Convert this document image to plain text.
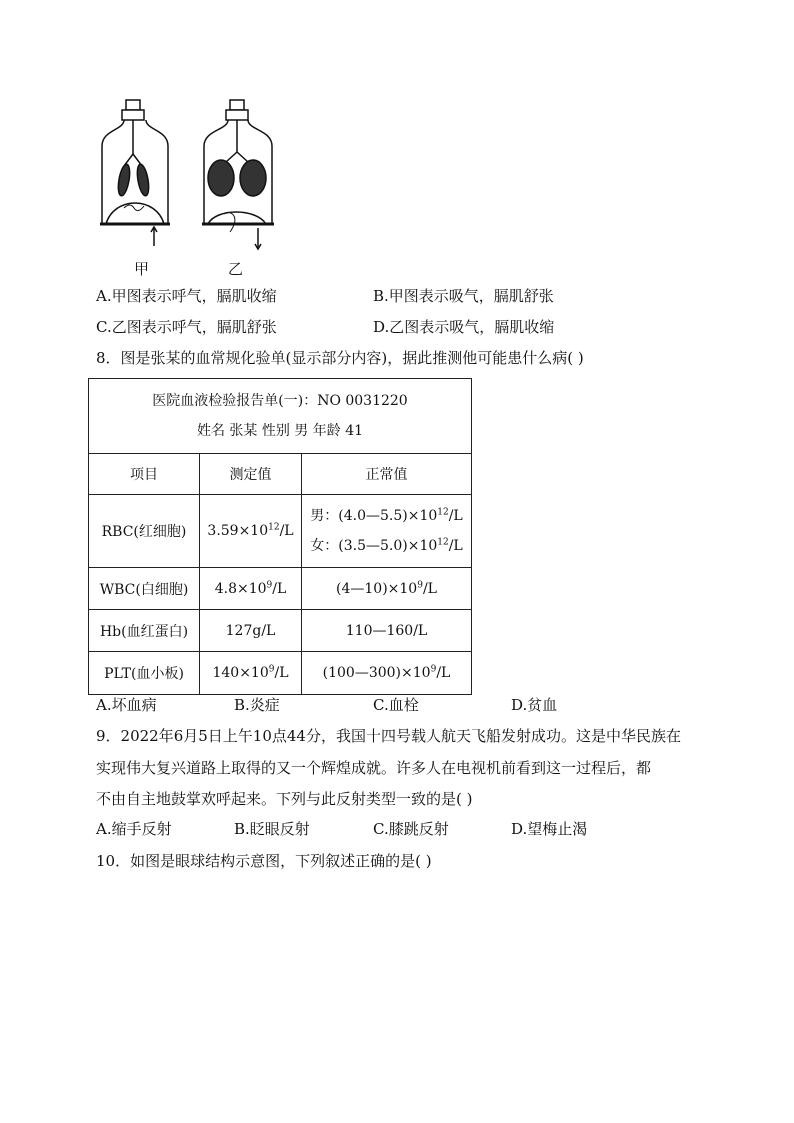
甲	乙
A.甲图表示呼气，膈肌收缩	B.甲图表示吸气，膈肌舒张
C.乙图表示呼气，膈肌舒张	D.乙图表示吸气，膈肌收缩
8．图是张某的血常规化验单(显示部分内容)，据此推测他可能患什么病( )
医院血液检验报告单(一)：NO 0031220
姓名 张某 性别 男 年龄 41		

项目	测定值	正常值
RBC(红细胞)	$3.59\times 10^{12}/L$	男：$(4.0—5.5)\times 10^{12}/L$
女：$(3.5—5.0)\times 10^{12}/L$

WBC(白细胞)	$4.8\times 10^9/L$	$(4—10)\times 10^9/L$
Hb(血红蛋白)	127g/L	110—160/L
PLT(血小板)	$140\times 10^9/L$	$(100—300)\times 10^9/L$
A.坏血病	B.炎症	C.血栓	D.贫血
9．2022年6月5日上午10点44分，我国十四号载人航天飞船发射成功。这是中华民族在
实现伟大复兴道路上取得的又一个辉煌成就。许多人在电视机前看到这一过程后，都
不由自主地鼓掌欢呼起来。下列与此反射类型一致的是( )
A.缩手反射	B.眨眼反射	C.膝跳反射	D.望梅止渴
10．如图是眼球结构示意图，下列叙述正确的是( )
